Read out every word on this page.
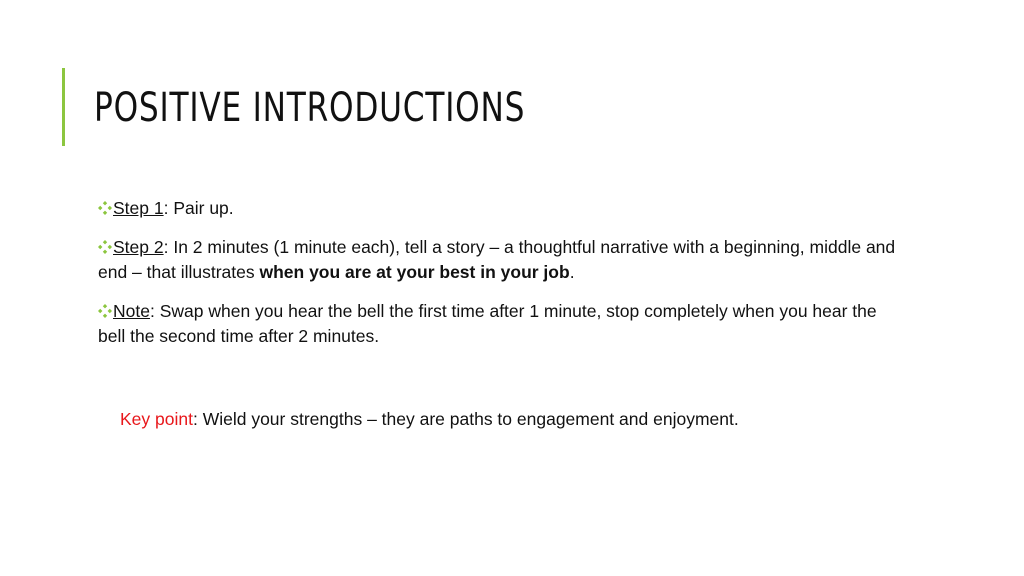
POSITIVE INTRODUCTIONS
Step 1: Pair up.
Step 2: In 2 minutes (1 minute each), tell a story – a thoughtful narrative with a beginning, middle and end – that illustrates when you are at your best in your job.
Note: Swap when you hear the bell the first time after 1 minute, stop completely when you hear the bell the second time after 2 minutes.

Key point: Wield your strengths – they are paths to engagement and enjoyment.
